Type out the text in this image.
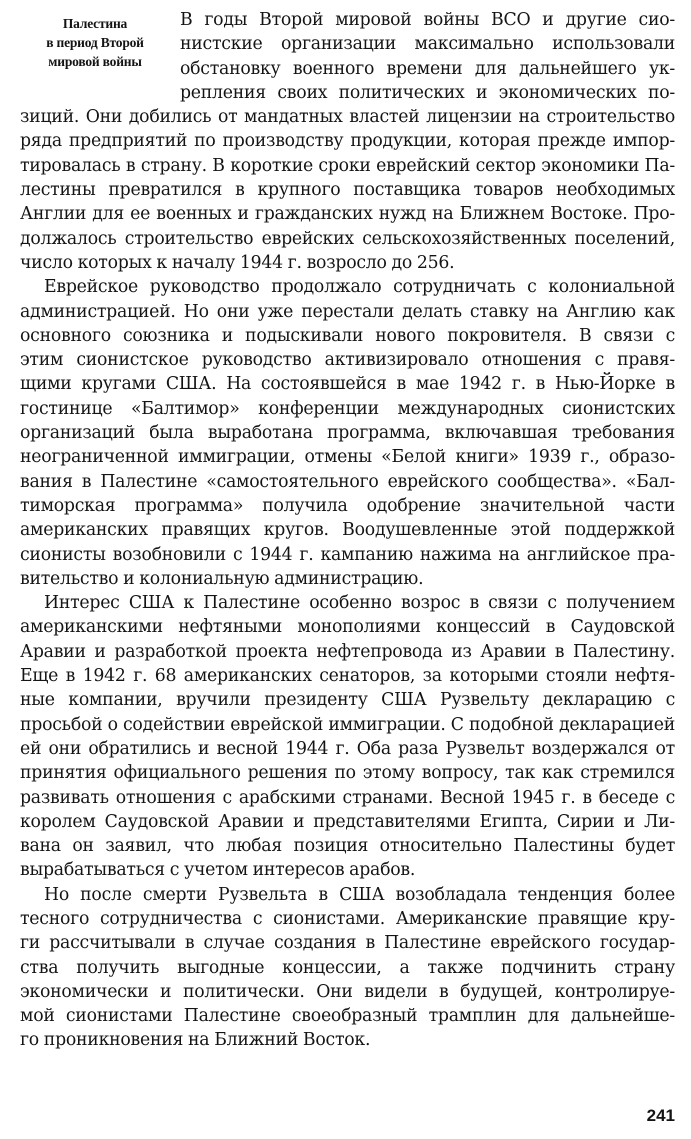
Палестина
в период Второй
мировой войны

В годы Второй мировой войны ВСО и другие сио-
нистские организации максимально использовали
обстановку военного времени для дальнейшего ук-
репления своих политических и экономических по-
зиций. Они добились от мандатных властей лицензии на строительство
ряда предприятий по производству продукции, которая прежде импор-
тировалась в страну. В короткие сроки еврейский сектор экономики Па-
лестины превратился в крупного поставщика товаров необходимых
Англии для ее военных и гражданских нужд на Ближнем Востоке. Про-
должалось строительство еврейских сельскохозяйственных поселений,
число которых к началу 1944 г. возросло до 256.

Еврейское руководство продолжало сотрудничать с колониальной
администрацией. Но они уже перестали делать ставку на Англию как
основного союзника и подыскивали нового покровителя. В связи с
этим сионистское руководство активизировало отношения с правя-
щими кругами США. На состоявшейся в мае 1942 г. в Нью-Йорке в
гостинице «Балтимор» конференции международных сионистских
организаций была выработана программа, включавшая требования
неограниченной иммиграции, отмены «Белой книги» 1939 г., образо-
вания в Палестине «самостоятельного еврейского сообщества». «Бал-
тиморская программа» получила одобрение значительной части
американских правящих кругов. Воодушевленные этой поддержкой
сионисты возобновили с 1944 г. кампанию нажима на английское пра-
вительство и колониальную администрацию.

Интерес США к Палестине особенно возрос в связи с получением
американскими нефтяными монополиями концессий в Саудовской
Аравии и разработкой проекта нефтепровода из Аравии в Палестину.
Еще в 1942 г. 68 американских сенаторов, за которыми стояли нефтя-
ные компании, вручили президенту США Рузвельту декларацию с
просьбой о содействии еврейской иммиграции. С подобной декларацией
ей они обратились и весной 1944 г. Оба раза Рузвельт воздержался от
принятия официального решения по этому вопросу, так как стремился
развивать отношения с арабскими странами. Весной 1945 г. в беседе с
королем Саудовской Аравии и представителями Египта, Сирии и Ли-
вана он заявил, что любая позиция относительно Палестины будет
вырабатываться с учетом интересов арабов.

Но после смерти Рузвельта в США возобладала тенденция более
тесного сотрудничества с сионистами. Американские правящие кру-
ги рассчитывали в случае создания в Палестине еврейского государ-
ства получить выгодные концессии, а также подчинить страну
экономически и политически. Они видели в будущей, контролируе-
мой сионистами Палестине своеобразный трамплин для дальнейше-
го проникновения на Ближний Восток.

241
